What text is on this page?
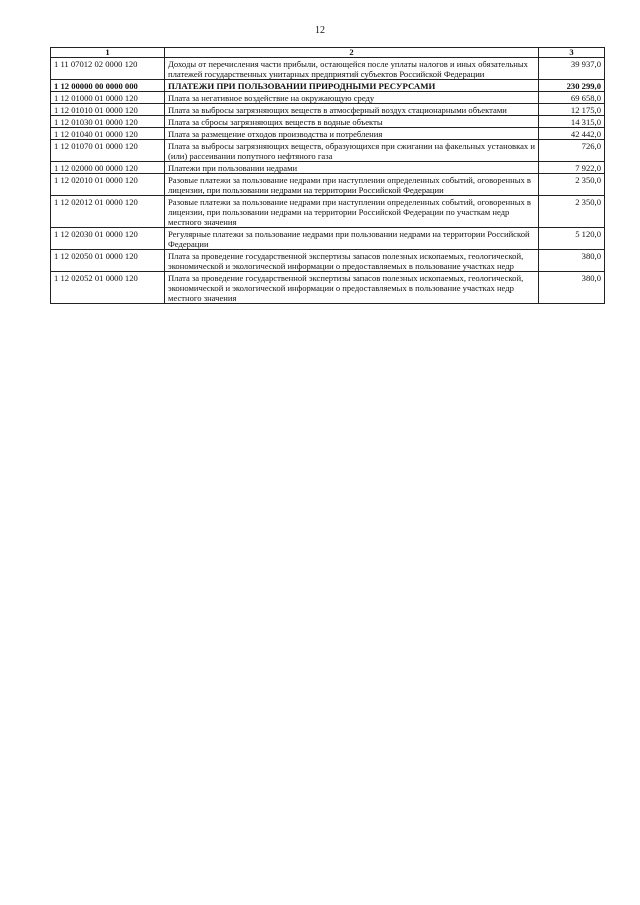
12
1	2	3
1 11 07012 02 0000 120	Доходы от перечисления части прибыли, остающейся после уплаты налогов и иных обязательных платежей государственных унитарных предприятий субъектов Российской Федерации	39 937,0
1 12 00000 00 0000 000	ПЛАТЕЖИ ПРИ ПОЛЬЗОВАНИИ ПРИРОДНЫМИ РЕСУРСАМИ	230 299,0
1 12 01000 01 0000 120	Плата за негативное воздействие на окружающую среду	69 658,0
1 12 01010 01 0000 120	Плата за выбросы загрязняющих веществ в атмосферный воздух стационарными объектами	12 175,0
1 12 01030 01 0000 120	Плата за сбросы загрязняющих веществ в водные объекты	14 315,0
1 12 01040 01 0000 120	Плата за размещение отходов производства и потребления	42 442,0
1 12 01070 01 0000 120	Плата за выбросы загрязняющих веществ, образующихся при сжигании на факельных установках и (или) рассеивании попутного нефтяного газа	726,0
1 12 02000 00 0000 120	Платежи при пользовании недрами	7 922,0
1 12 02010 01 0000 120	Разовые платежи за пользование недрами при наступлении определенных событий, оговоренных в лицензии, при пользовании недрами на территории Российской Федерации	2 350,0
1 12 02012 01 0000 120	Разовые платежи за пользование недрами при наступлении определенных событий, оговоренных в лицензии, при пользовании недрами на территории Российской Федерации по участкам недр местного значения	2 350,0
1 12 02030 01 0000 120	Регулярные платежи за пользование недрами при пользовании недрами на территории Российской Федерации	5 120,0
1 12 02050 01 0000 120	Плата за проведение государственной экспертизы запасов полезных ископаемых, геологической, экономической и экологической информации о предоставляемых в пользование участках недр	380,0
1 12 02052 01 0000 120	Плата за проведение государственной экспертизы запасов полезных ископаемых, геологической, экономической и экологической информации о предоставляемых в пользование участках недр местного значения	380,0
